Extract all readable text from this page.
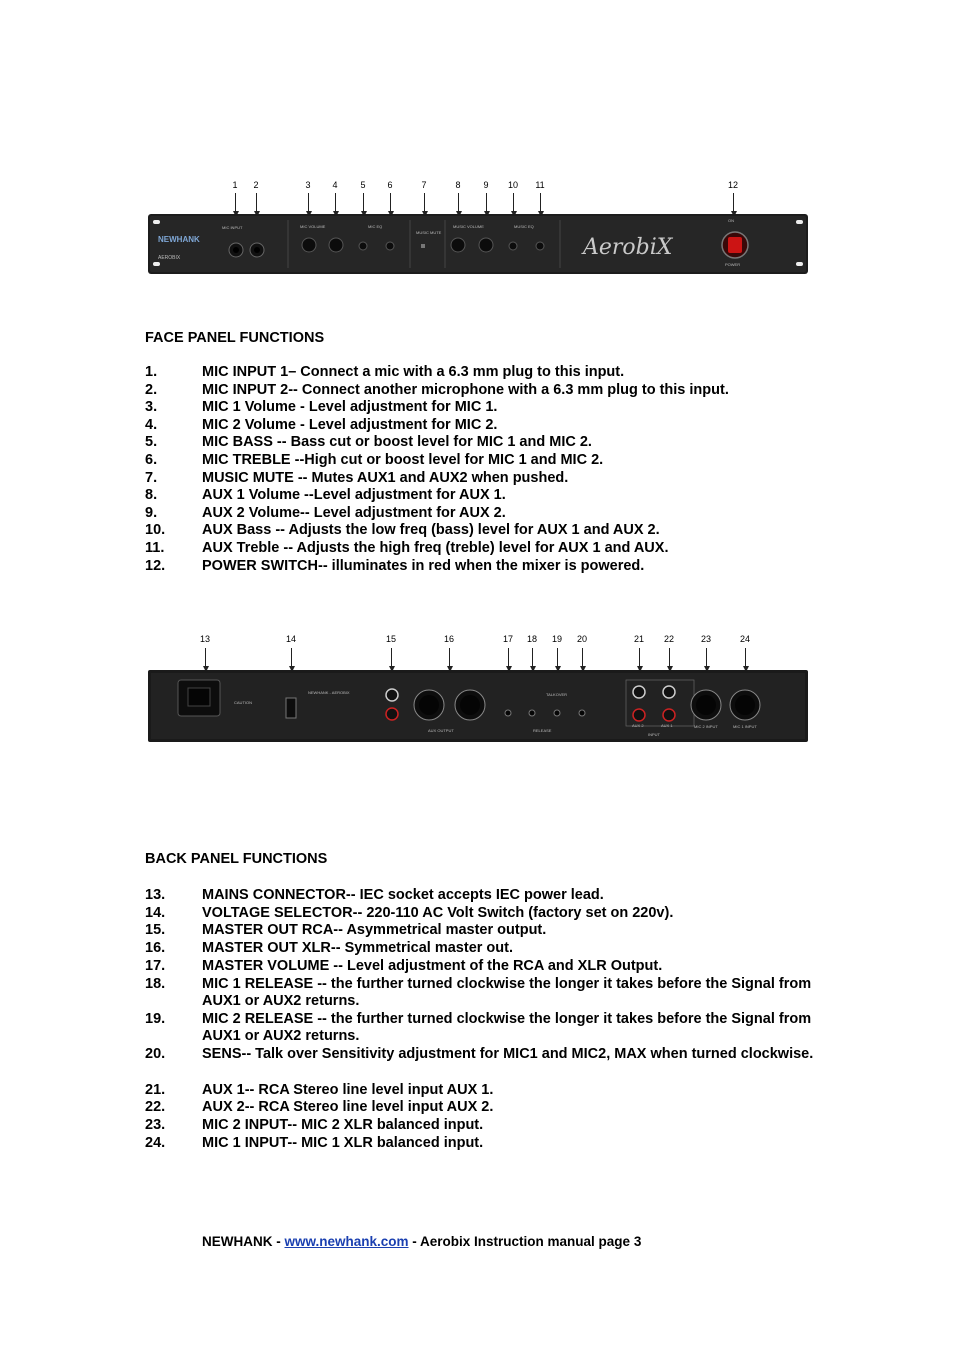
1	2	3	4	5	6	7	8	9	10	11	12
NEWHANK
AEROBIX
MIC INPUT	MIC VOLUME	MIC EQ
MUSIC MUTE
MUSIC VOLUME	MUSIC EQ
ON
POWER
AerobiX
FACE PANEL FUNCTIONS
1.	MIC INPUT 1– Connect a mic with a 6.3 mm plug to this input.
2.	MIC INPUT 2-- Connect another microphone with a 6.3 mm plug to this input.
3.	MIC 1 Volume - Level adjustment for MIC 1.
4.	MIC 2 Volume - Level adjustment for MIC 2.
5.	MIC BASS -- Bass cut or boost level for MIC 1 and MIC 2.
6.	MIC TREBLE --High cut or boost level for MIC 1 and MIC 2.
7.	MUSIC MUTE -- Mutes AUX1 and AUX2 when pushed.
8.	AUX 1 Volume --Level adjustment for AUX 1.
9.	AUX 2 Volume-- Level adjustment for AUX 2.
10.	AUX Bass -- Adjusts the low freq (bass) level for AUX 1 and AUX 2.
11.	AUX Treble -- Adjusts the high freq (treble) level for AUX 1 and AUX.
12.	POWER SWITCH-- illuminates in red when the mixer is powered.
13	14	15	16	17	18	19	20	21	22	23	24
CAUTION
NEWHANK - AEROBIX
AUX OUTPUT
TALKOVER
RELEASE
AUX 2	AUX 1
INPUT
MIC 2 INPUT	MIC 1 INPUT
BACK PANEL FUNCTIONS
13.	MAINS CONNECTOR-- IEC socket accepts IEC power lead.
14.	VOLTAGE SELECTOR-- 220-110 AC Volt Switch (factory set on 220v).
15.	MASTER OUT RCA-- Asymmetrical master output.
16.	MASTER OUT XLR-- Symmetrical master out.
17.	MASTER VOLUME -- Level adjustment of the RCA and XLR Output.
18.	MIC 1 RELEASE -- the further turned clockwise the longer it takes before the Signal from AUX1 or AUX2 returns.
19.	MIC 2 RELEASE -- the further turned clockwise the longer it takes before the Signal from AUX1 or AUX2 returns.
20.	SENS-- Talk over Sensitivity adjustment for MIC1 and MIC2, MAX when turned clockwise.
21.	AUX 1-- RCA Stereo line level input AUX 1.
22.	AUX 2-- RCA Stereo line level input AUX 2.
23.	MIC 2 INPUT-- MIC 2 XLR balanced input.
24.	MIC 1 INPUT-- MIC 1 XLR balanced input.
NEWHANK - www.newhank.com - Aerobix Instruction manual page 3
